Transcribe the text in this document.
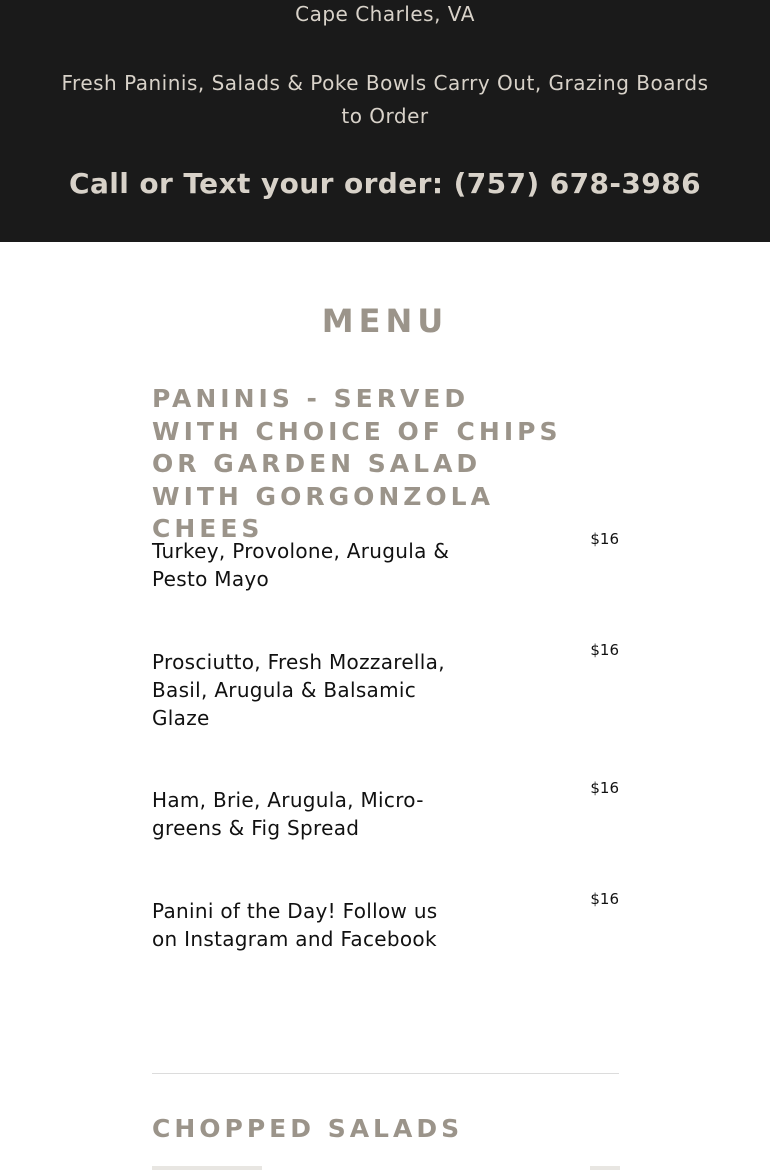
Cape Charles, VA
Fresh Paninis, Salads & Poke Bowls Carry Out, Grazing Boards to Order
Call or Text your order: (757) 678-3986
MENU
PANINIS - SERVED WITH CHOICE OF CHIPS OR GARDEN SALAD WITH GORGONZOLA CHEES
Turkey, Provolone, Arugula & Pesto Mayo
$16
Prosciutto, Fresh Mozzarella, Basil, Arugula & Balsamic Glaze
$16
Ham, Brie, Arugula, Micro-greens & Fig Spread
$16
Panini of the Day! Follow us on Instagram and Facebook
$16
CHOPPED SALADS
